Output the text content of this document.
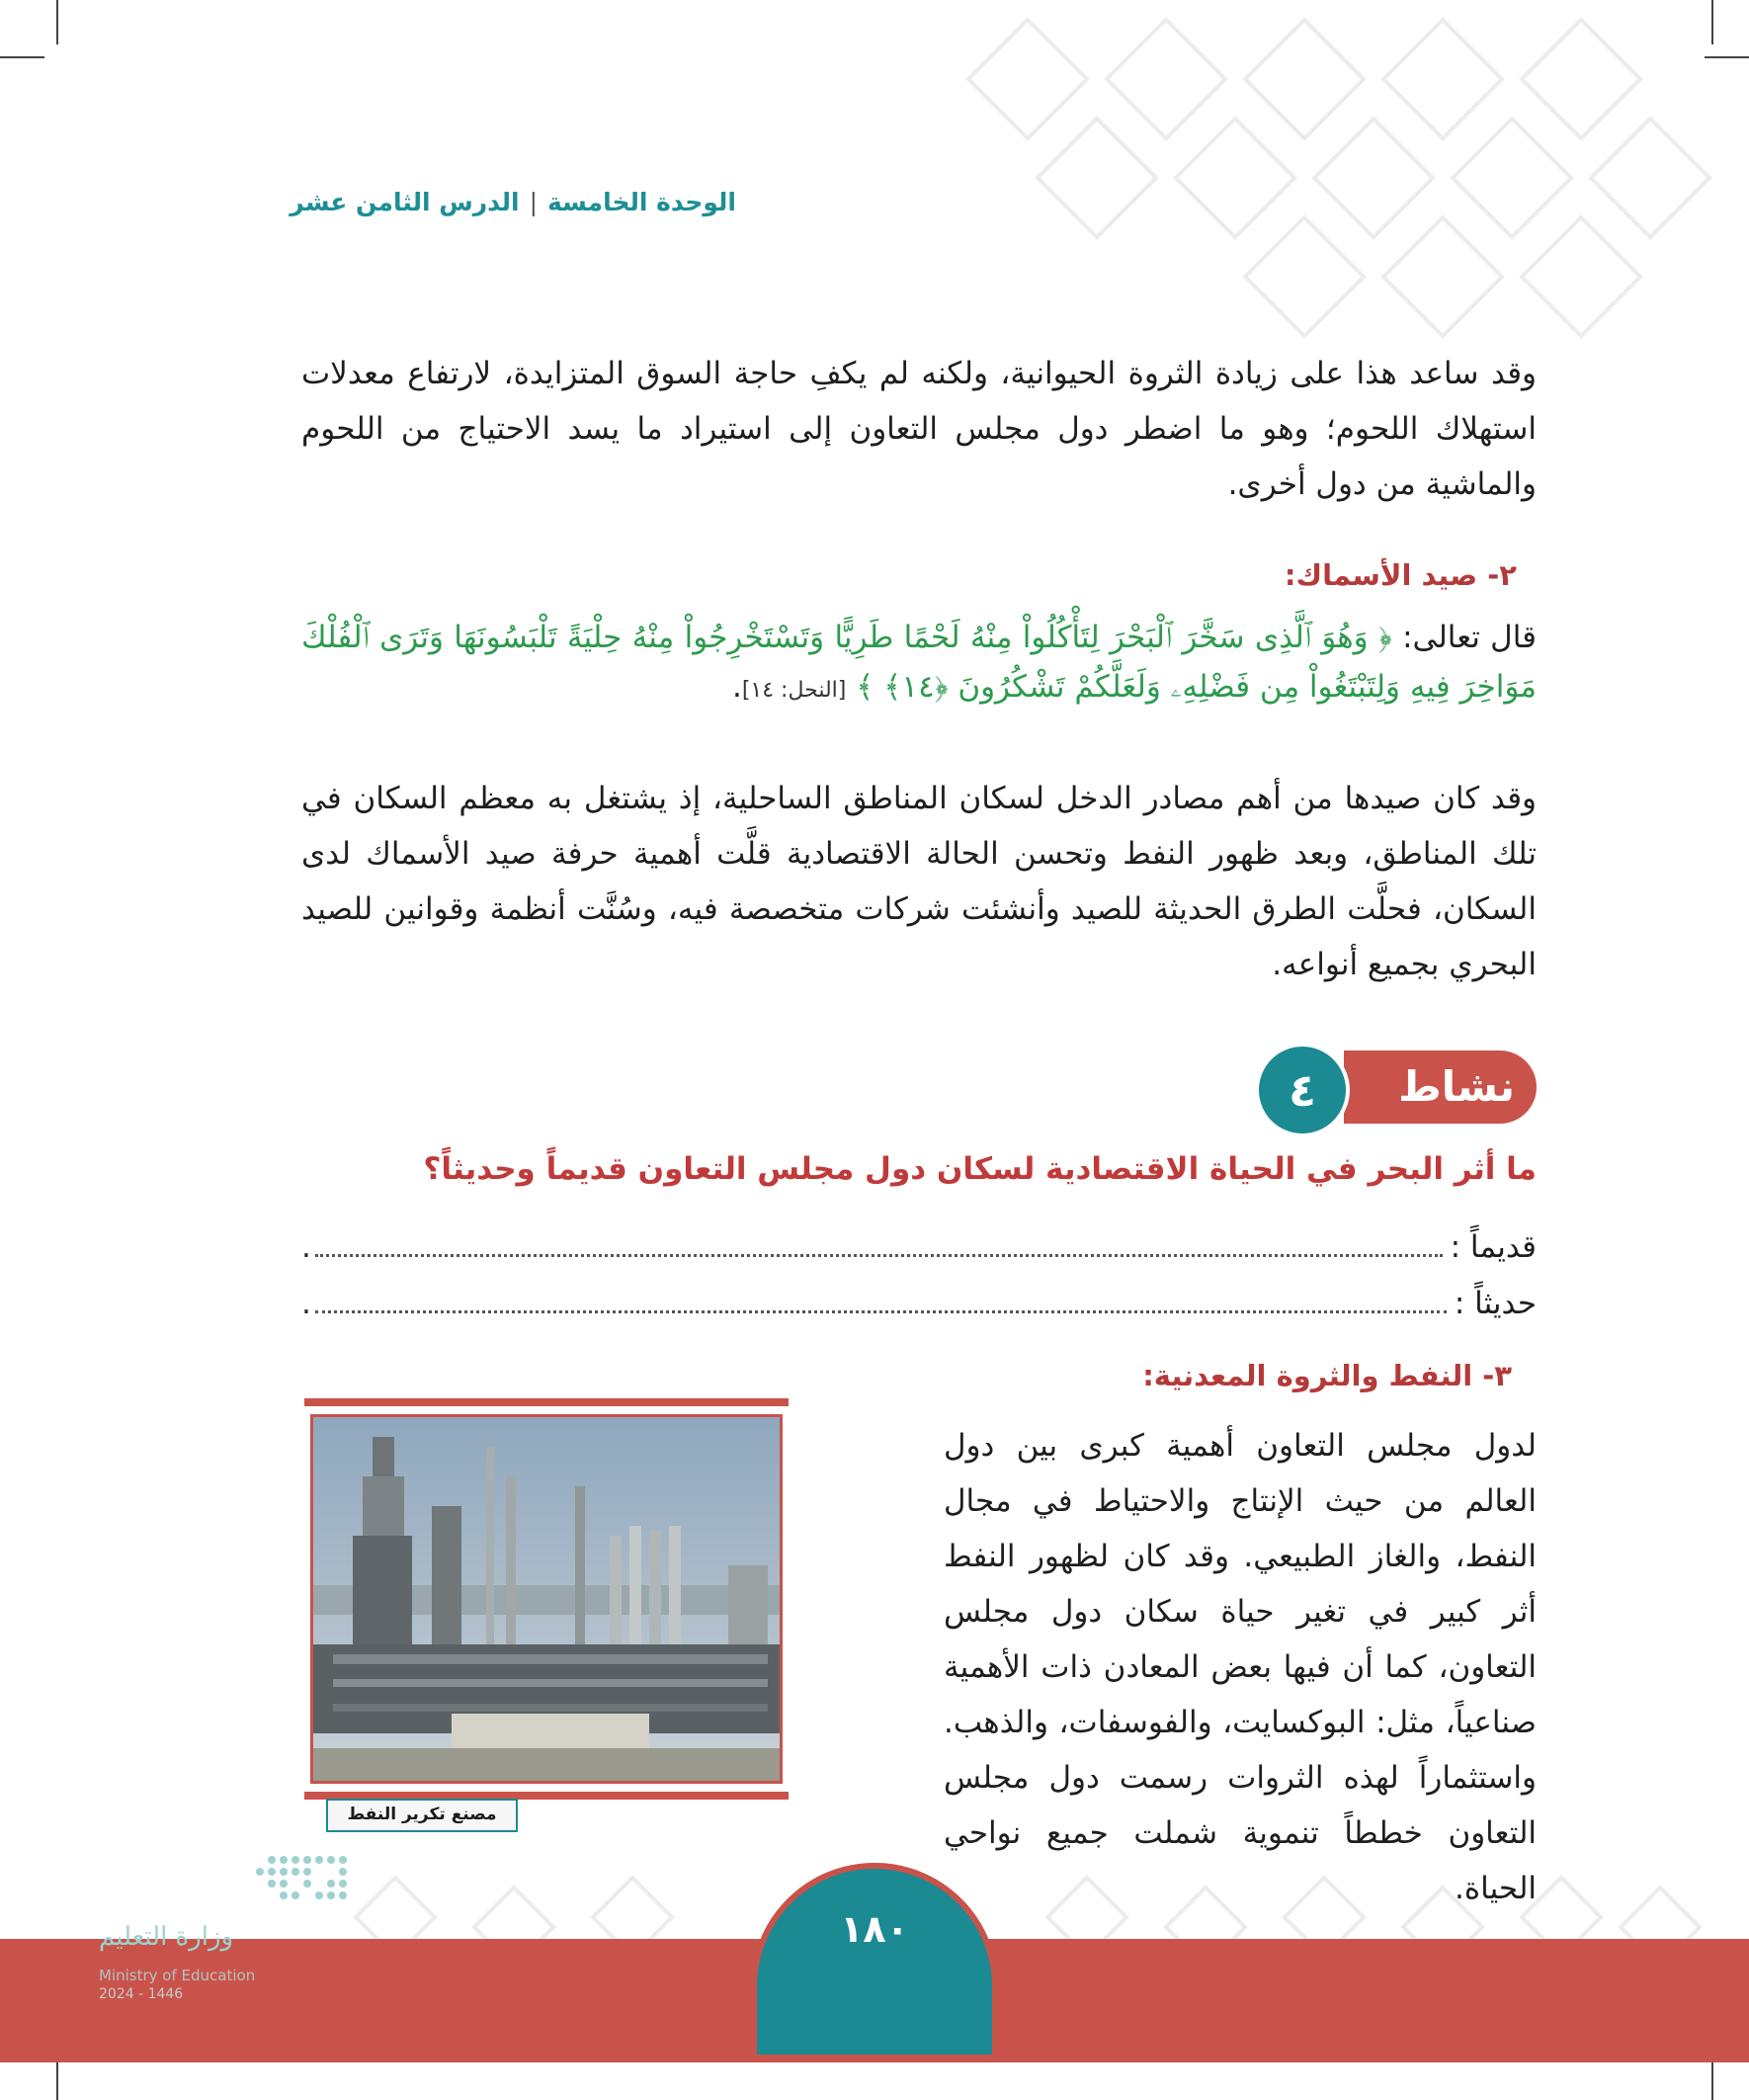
الوحدة الخامسة|الدرس الثامن عشر
وقد ساعد هذا على زيادة الثروة الحيوانية، ولكنه لم يكفِ حاجة السوق المتزايدة، لارتفاع معدلات استهلاك اللحوم؛ وهو ما اضطر دول مجلس التعاون إلى استيراد ما يسد الاحتياج من اللحوم والماشية من دول أخرى.
٢- صيد الأسماك:
قال تعالى: ﴿ وَهُوَ ٱلَّذِى سَخَّرَ ٱلْبَحْرَ لِتَأْكُلُواْ مِنْهُ لَحْمًا طَرِيًّا وَتَسْتَخْرِجُواْ مِنْهُ حِلْيَةً تَلْبَسُونَهَا وَتَرَى ٱلْفُلْكَ مَوَاخِرَ فِيهِ وَلِتَبْتَغُواْ مِن فَضْلِهِۦ وَلَعَلَّكُمْ تَشْكُرُونَ ﴿١٤﴾ ﴾ [النحل: ١٤].
وقد كان صيدها من أهم مصادر الدخل لسكان المناطق الساحلية، إذ يشتغل به معظم السكان في تلك المناطق، وبعد ظهور النفط وتحسن الحالة الاقتصادية قلَّت أهمية حرفة صيد الأسماك لدى السكان، فحلَّت الطرق الحديثة للصيد وأنشئت شركات متخصصة فيه، وسُنَّت أنظمة وقوانين للصيد البحري بجميع أنواعه.
نشاط
٤
ما أثر البحر في الحياة الاقتصادية لسكان دول مجلس التعاون قديماً وحديثاً؟
قديماً :
.
حديثاً :
.
٣- النفط والثروة المعدنية:
لدول مجلس التعاون أهمية كبرى بين دول العالم من حيث الإنتاج والاحتياط في مجال النفط، والغاز الطبيعي. وقد كان لظهور النفط أثر كبير في تغير حياة سكان دول مجلس التعاون، كما أن فيها بعض المعادن ذات الأهمية صناعياً، مثل: البوكسايت، والفوسفات، والذهب. واستثماراً لهذه الثروات رسمت دول مجلس التعاون خططاً تنموية شملت جميع نواحي الحياة.
مصنع تكرير النفط
١٨٠
وزارة التعليم
Ministry of Education
2024 - 1446
